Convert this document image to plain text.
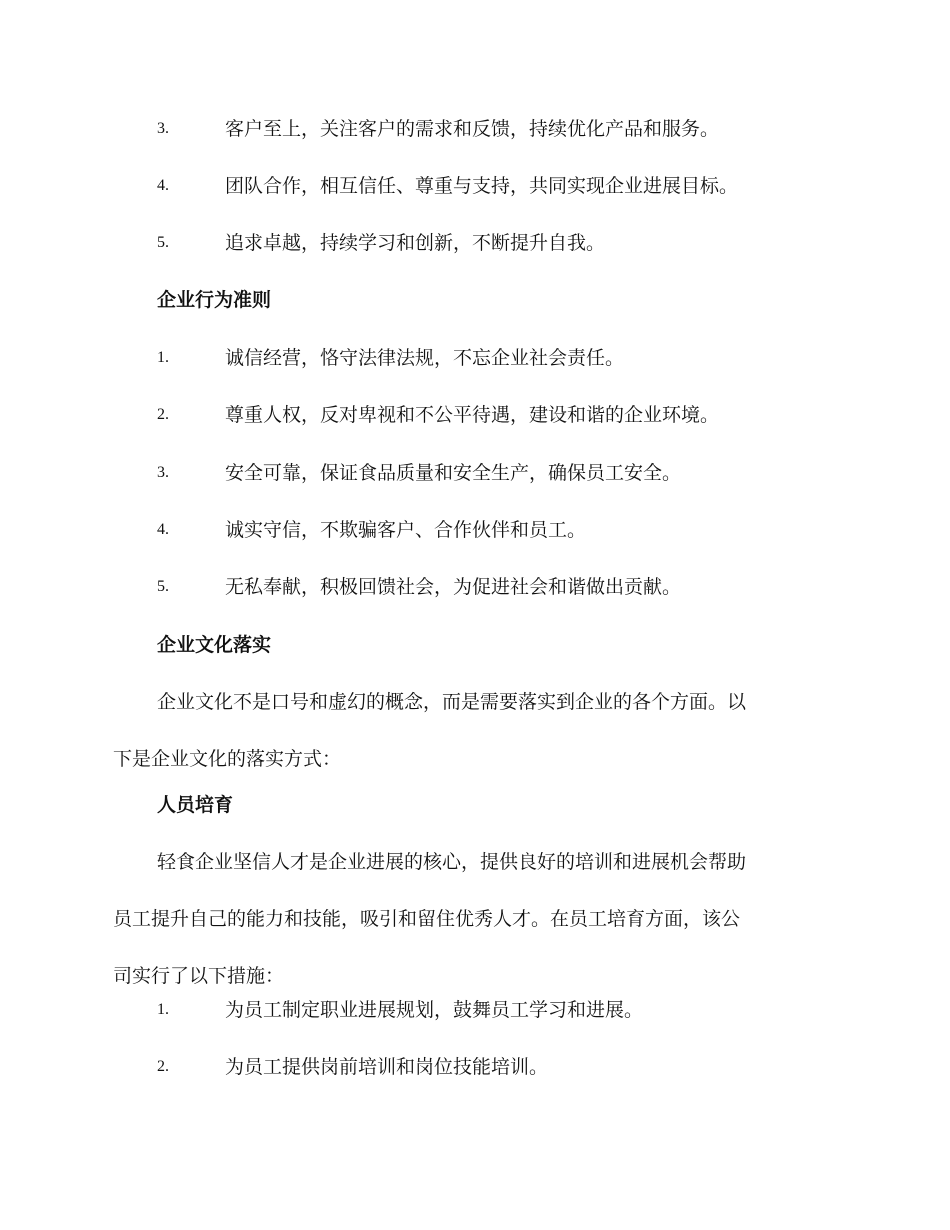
3.	客户至上，关注客户的需求和反馈，持续优化产品和服务。
4.	团队合作，相互信任、尊重与支持，共同实现企业进展目标。
5.	追求卓越，持续学习和创新，不断提升自我。
企业行为准则
1.	诚信经营，恪守法律法规，不忘企业社会责任。
2.	尊重人权，反对卑视和不公平待遇，建设和谐的企业环境。
3.	安全可靠，保证食品质量和安全生产，确保员工安全。
4.	诚实守信，不欺骗客户、合作伙伴和员工。
5.	无私奉献，积极回馈社会，为促进社会和谐做出贡献。
企业文化落实
企业文化不是口号和虚幻的概念，而是需要落实到企业的各个方面。以
下是企业文化的落实方式：
人员培育
轻食企业坚信人才是企业进展的核心，提供良好的培训和进展机会帮助
员工提升自己的能力和技能，吸引和留住优秀人才。在员工培育方面，该公
司实行了以下措施：
1.	为员工制定职业进展规划，鼓舞员工学习和进展。
2.	为员工提供岗前培训和岗位技能培训。
